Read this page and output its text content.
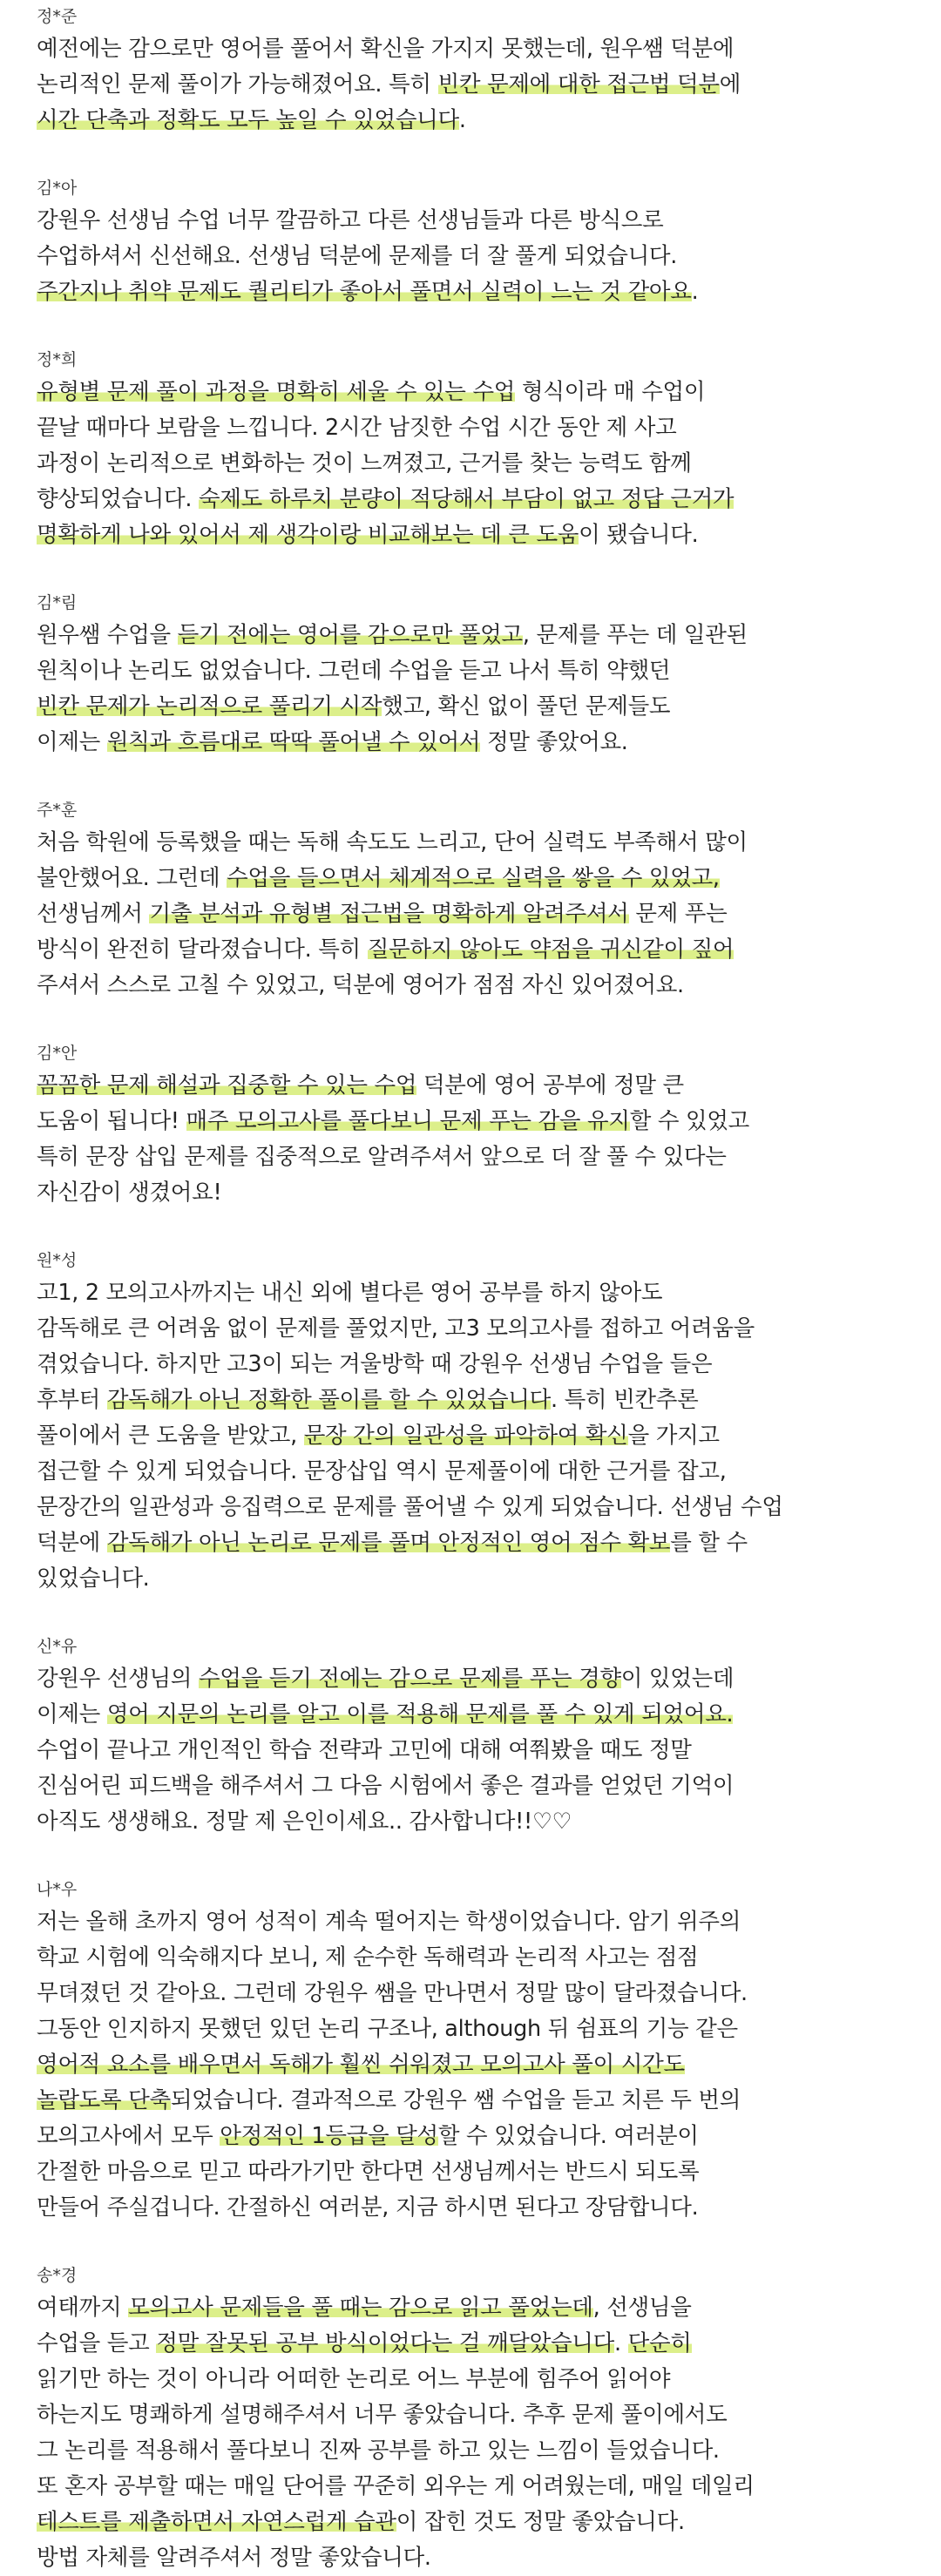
정*준
예전에는 감으로만 영어를 풀어서 확신을 가지지 못했는데, 원우쌤 덕분에
논리적인 문제 풀이가 가능해졌어요. 특히 빈칸 문제에 대한 접근법 덕분에
시간 단축과 정확도 모두 높일 수 있었습니다.
김*아
강원우 선생님 수업 너무 깔끔하고 다른 선생님들과 다른 방식으로
수업하셔서 신선해요. 선생님 덕분에 문제를 더 잘 풀게 되었습니다.
주간지나 취약 문제도 퀄리티가 좋아서 풀면서 실력이 느는 것 같아요.
정*희
유형별 문제 풀이 과정을 명확히 세울 수 있는 수업 형식이라 매 수업이
끝날 때마다 보람을 느낍니다. 2시간 남짓한 수업 시간 동안 제 사고
과정이 논리적으로 변화하는 것이 느껴졌고, 근거를 찾는 능력도 함께
향상되었습니다. 숙제도 하루치 분량이 적당해서 부담이 없고 정답 근거가
명확하게 나와 있어서 제 생각이랑 비교해보는 데 큰 도움이 됐습니다.
김*림
원우쌤 수업을 듣기 전에는 영어를 감으로만 풀었고, 문제를 푸는 데 일관된
원칙이나 논리도 없었습니다. 그런데 수업을 듣고 나서 특히 약했던
빈칸 문제가 논리적으로 풀리기 시작했고, 확신 없이 풀던 문제들도
이제는 원칙과 흐름대로 딱딱 풀어낼 수 있어서 정말 좋았어요.
주*훈
처음 학원에 등록했을 때는 독해 속도도 느리고, 단어 실력도 부족해서 많이
불안했어요. 그런데 수업을 들으면서 체계적으로 실력을 쌓을 수 있었고,
선생님께서 기출 분석과 유형별 접근법을 명확하게 알려주셔서 문제 푸는
방식이 완전히 달라졌습니다. 특히 질문하지 않아도 약점을 귀신같이 짚어
주셔서 스스로 고칠 수 있었고, 덕분에 영어가 점점 자신 있어졌어요.
김*안
꼼꼼한 문제 해설과 집중할 수 있는 수업 덕분에 영어 공부에 정말 큰
도움이 됩니다! 매주 모의고사를 풀다보니 문제 푸는 감을 유지할 수 있었고
특히 문장 삽입 문제를 집중적으로 알려주셔서 앞으로 더 잘 풀 수 있다는
자신감이 생겼어요!
원*성
고1, 2 모의고사까지는 내신 외에 별다른 영어 공부를 하지 않아도
감독해로 큰 어려움 없이 문제를 풀었지만, 고3 모의고사를 접하고 어려움을
겪었습니다. 하지만 고3이 되는 겨울방학 때 강원우 선생님 수업을 들은
후부터 감독해가 아닌 정확한 풀이를 할 수 있었습니다. 특히 빈칸추론
풀이에서 큰 도움을 받았고, 문장 간의 일관성을 파악하여 확신을 가지고
접근할 수 있게 되었습니다. 문장삽입 역시 문제풀이에 대한 근거를 잡고,
문장간의 일관성과 응집력으로 문제를 풀어낼 수 있게 되었습니다. 선생님 수업
덕분에 감독해가 아닌 논리로 문제를 풀며 안정적인 영어 점수 확보를 할 수
있었습니다.
신*유
강원우 선생님의 수업을 듣기 전에는 감으로 문제를 푸는 경향이 있었는데
이제는 영어 지문의 논리를 알고 이를 적용해 문제를 풀 수 있게 되었어요.
수업이 끝나고 개인적인 학습 전략과 고민에 대해 여쭤봤을 때도 정말
진심어린 피드백을 해주셔서 그 다음 시험에서 좋은 결과를 얻었던 기억이
아직도 생생해요. 정말 제 은인이세요.. 감사합니다!!♡♡
나*우
저는 올해 초까지 영어 성적이 계속 떨어지는 학생이었습니다. 암기 위주의
학교 시험에 익숙해지다 보니, 제 순수한 독해력과 논리적 사고는 점점
무뎌졌던 것 같아요. 그런데 강원우 쌤을 만나면서 정말 많이 달라졌습니다.
그동안 인지하지 못했던 있던 논리 구조나, although 뒤 쉼표의 기능 같은
영어적 요소를 배우면서 독해가 훨씬 쉬워졌고 모의고사 풀이 시간도
놀랍도록 단축되었습니다. 결과적으로 강원우 쌤 수업을 듣고 치른 두 번의
모의고사에서 모두 안정적인 1등급을 달성할 수 있었습니다. 여러분이
간절한 마음으로 믿고 따라가기만 한다면 선생님께서는 반드시 되도록
만들어 주실겁니다. 간절하신 여러분, 지금 하시면 된다고 장담합니다.
송*경
여태까지 모의고사 문제들을 풀 때는 감으로 읽고 풀었는데, 선생님을
수업을 듣고 정말 잘못된 공부 방식이었다는 걸 깨달았습니다. 단순히
읽기만 하는 것이 아니라 어떠한 논리로 어느 부분에 힘주어 읽어야
하는지도 명쾌하게 설명해주셔서 너무 좋았습니다. 추후 문제 풀이에서도
그 논리를 적용해서 풀다보니 진짜 공부를 하고 있는 느낌이 들었습니다.
또 혼자 공부할 때는 매일 단어를 꾸준히 외우는 게 어려웠는데, 매일 데일리
테스트를 제출하면서 자연스럽게 습관이 잡힌 것도 정말 좋았습니다.
방법 자체를 알려주셔서 정말 좋았습니다.
